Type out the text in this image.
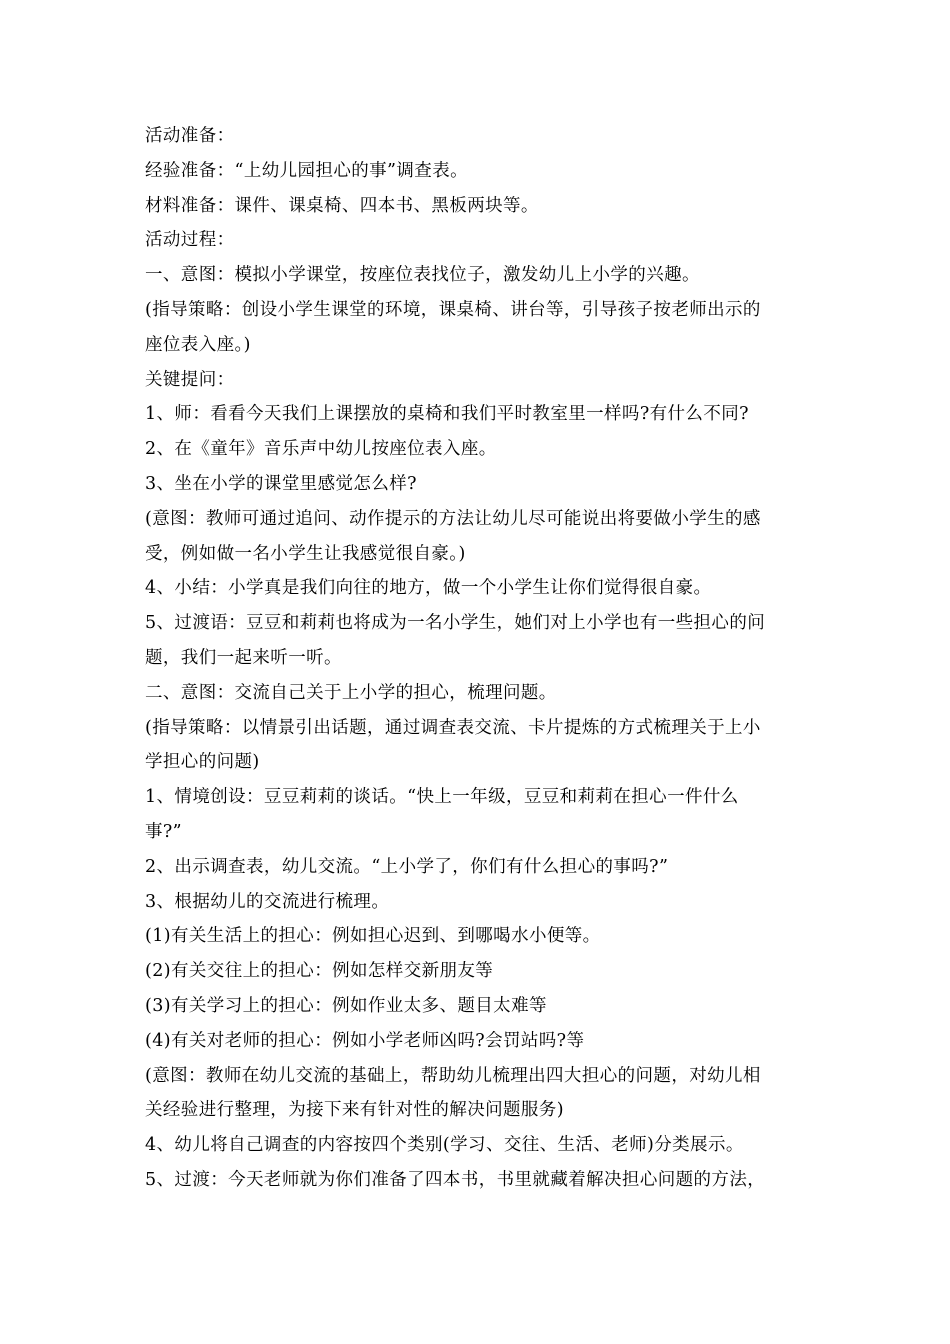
活动准备：
经验准备：“上幼儿园担心的事”调查表。
材料准备：课件、课桌椅、四本书、黑板两块等。
活动过程：
一、意图：模拟小学课堂，按座位表找位子，激发幼儿上小学的兴趣。
(指导策略：创设小学生课堂的环境，课桌椅、讲台等，引导孩子按老师出示的
座位表入座。)
关键提问：
1、师：看看今天我们上课摆放的桌椅和我们平时教室里一样吗?有什么不同?
2、在《童年》音乐声中幼儿按座位表入座。
3、坐在小学的课堂里感觉怎么样?
(意图：教师可通过追问、动作提示的方法让幼儿尽可能说出将要做小学生的感
受，例如做一名小学生让我感觉很自豪。)
4、小结：小学真是我们向往的地方，做一个小学生让你们觉得很自豪。
5、过渡语：豆豆和莉莉也将成为一名小学生，她们对上小学也有一些担心的问
题，我们一起来听一听。
二、意图：交流自己关于上小学的担心，梳理问题。
(指导策略：以情景引出话题，通过调查表交流、卡片提炼的方式梳理关于上小
学担心的问题)
1、情境创设：豆豆莉莉的谈话。“快上一年级，豆豆和莉莉在担心一件什么
事?”
2、出示调查表，幼儿交流。“上小学了，你们有什么担心的事吗?”
3、根据幼儿的交流进行梳理。
(1)有关生活上的担心：例如担心迟到、到哪喝水小便等。
(2)有关交往上的担心：例如怎样交新朋友等
(3)有关学习上的担心：例如作业太多、题目太难等
(4)有关对老师的担心：例如小学老师凶吗?会罚站吗?等
(意图：教师在幼儿交流的基础上，帮助幼儿梳理出四大担心的问题，对幼儿相
关经验进行整理，为接下来有针对性的解决问题服务)
4、幼儿将自己调查的内容按四个类别(学习、交往、生活、老师)分类展示。
5、过渡：今天老师就为你们准备了四本书，书里就藏着解决担心问题的方法，
